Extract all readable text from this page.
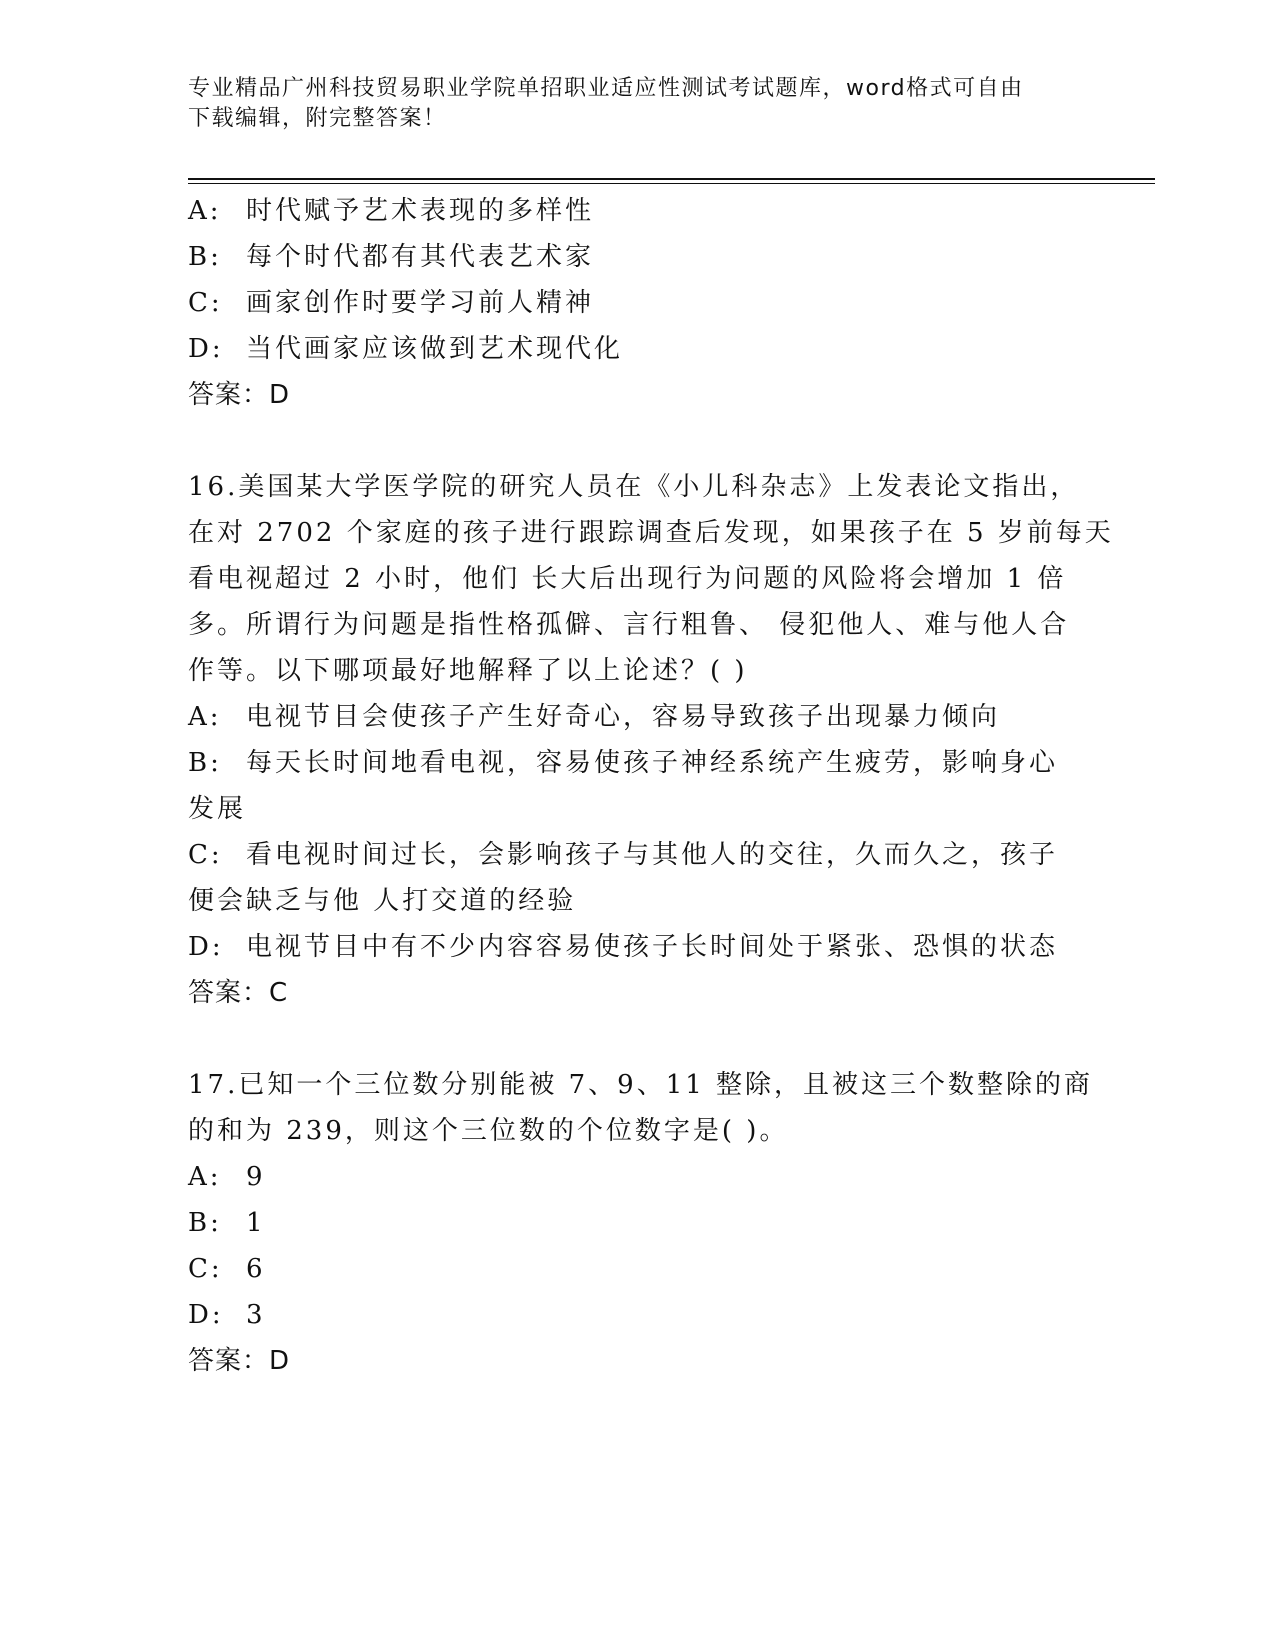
专业精品广州科技贸易职业学院单招职业适应性测试考试题库，word格式可自由
下载编辑，附完整答案！
A: 时代赋予艺术表现的多样性
B: 每个时代都有其代表艺术家
C: 画家创作时要学习前人精神
D: 当代画家应该做到艺术现代化
答案：D
16.美国某大学医学院的研究人员在《小儿科杂志》上发表论文指出，
在对 2702 个家庭的孩子进行跟踪调查后发现，如果孩子在 5 岁前每天
看电视超过 2 小时，他们 长大后出现行为问题的风险将会增加 1 倍
多。所谓行为问题是指性格孤僻、言行粗鲁、 侵犯他人、难与他人合
作等。以下哪项最好地解释了以上论述？( )
A: 电视节目会使孩子产生好奇心，容易导致孩子出现暴力倾向
B: 每天长时间地看电视，容易使孩子神经系统产生疲劳，影响身心
发展
C: 看电视时间过长，会影响孩子与其他人的交往，久而久之，孩子
便会缺乏与他 人打交道的经验
D: 电视节目中有不少内容容易使孩子长时间处于紧张、恐惧的状态
答案：C
17.已知一个三位数分别能被 7、9、11 整除，且被这三个数整除的商
的和为 239，则这个三位数的个位数字是( )。
A: 9
B: 1
C: 6
D: 3
答案：D
